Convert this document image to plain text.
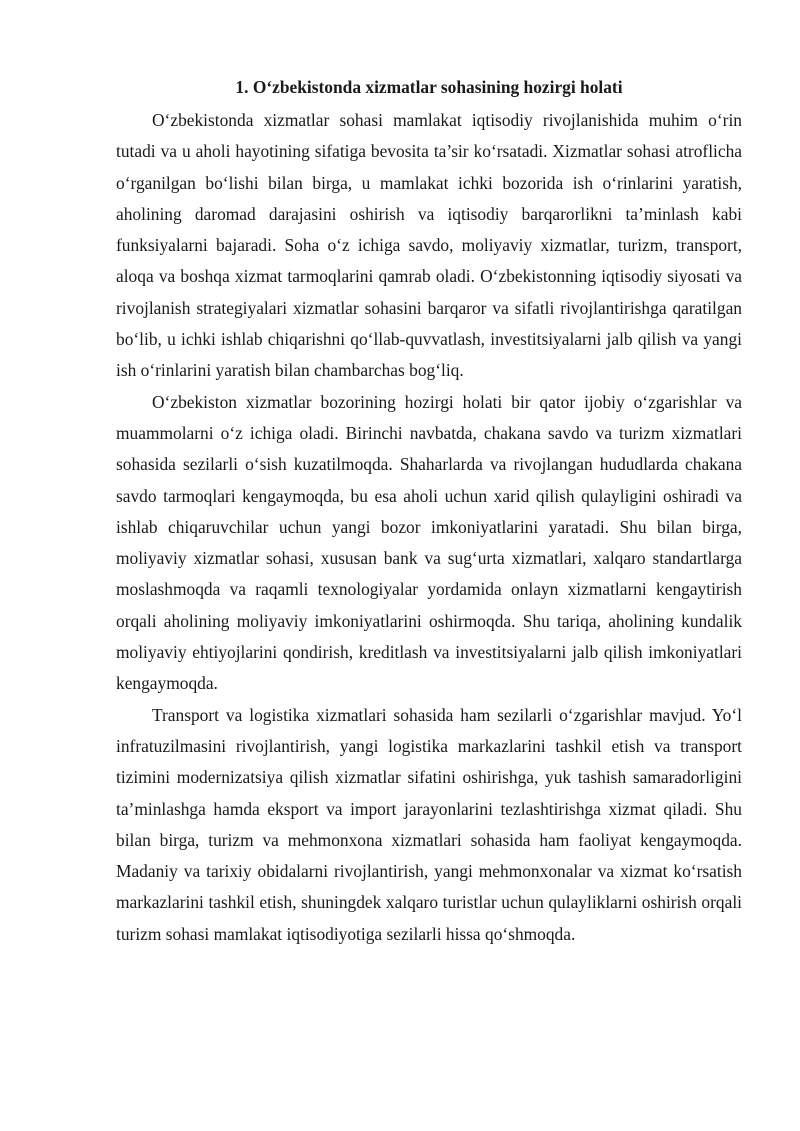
1. O‘zbekistonda xizmatlar sohasining hozirgi holati

O‘zbekistonda xizmatlar sohasi mamlakat iqtisodiy rivojlanishida muhim o‘rin tutadi va u aholi hayotining sifatiga bevosita ta’sir ko‘rsatadi. Xizmatlar sohasi atroflicha o‘rganilgan bo‘lishi bilan birga, u mamlakat ichki bozorida ish o‘rinlarini yaratish, aholining daromad darajasini oshirish va iqtisodiy barqarorlikni ta’minlash kabi funksiyalarni bajaradi. Soha o‘z ichiga savdo, moliyaviy xizmatlar, turizm, transport, aloqa va boshqa xizmat tarmoqlarini qamrab oladi. O‘zbekistonning iqtisodiy siyosati va rivojlanish strategiyalari xizmatlar sohasini barqaror va sifatli rivojlantirishga qaratilgan bo‘lib, u ichki ishlab chiqarishni qo‘llab-quvvatlash, investitsiyalarni jalb qilish va yangi ish o‘rinlarini yaratish bilan chambarchas bog‘liq.

O‘zbekiston xizmatlar bozorining hozirgi holati bir qator ijobiy o‘zgarishlar va muammolarni o‘z ichiga oladi. Birinchi navbatda, chakana savdo va turizm xizmatlari sohasida sezilarli o‘sish kuzatilmoqda. Shaharlarda va rivojlangan hududlarda chakana savdo tarmoqlari kengaymoqda, bu esa aholi uchun xarid qilish qulayligini oshiradi va ishlab chiqaruvchilar uchun yangi bozor imkoniyatlarini yaratadi. Shu bilan birga, moliyaviy xizmatlar sohasi, xususan bank va sug‘urta xizmatlari, xalqaro standartlarga moslashmoqda va raqamli texnologiyalar yordamida onlayn xizmatlarni kengaytirish orqali aholining moliyaviy imkoniyatlarini oshirmoqda. Shu tariqa, aholining kundalik moliyaviy ehtiyojlarini qondirish, kreditlash va investitsiyalarni jalb qilish imkoniyatlari kengaymoqda.

Transport va logistika xizmatlari sohasida ham sezilarli o‘zgarishlar mavjud. Yo‘l infratuzilmasini rivojlantirish, yangi logistika markazlarini tashkil etish va transport tizimini modernizatsiya qilish xizmatlar sifatini oshirishga, yuk tashish samaradorligini ta’minlashga hamda eksport va import jarayonlarini tezlashtirishga xizmat qiladi. Shu bilan birga, turizm va mehmonxona xizmatlari sohasida ham faoliyat kengaymoqda. Madaniy va tarixiy obidalarni rivojlantirish, yangi mehmonxonalar va xizmat ko‘rsatish markazlarini tashkil etish, shuningdek xalqaro turistlar uchun qulayliklarni oshirish orqali turizm sohasi mamlakat iqtisodiyotiga sezilarli hissa qo‘shmoqda.
